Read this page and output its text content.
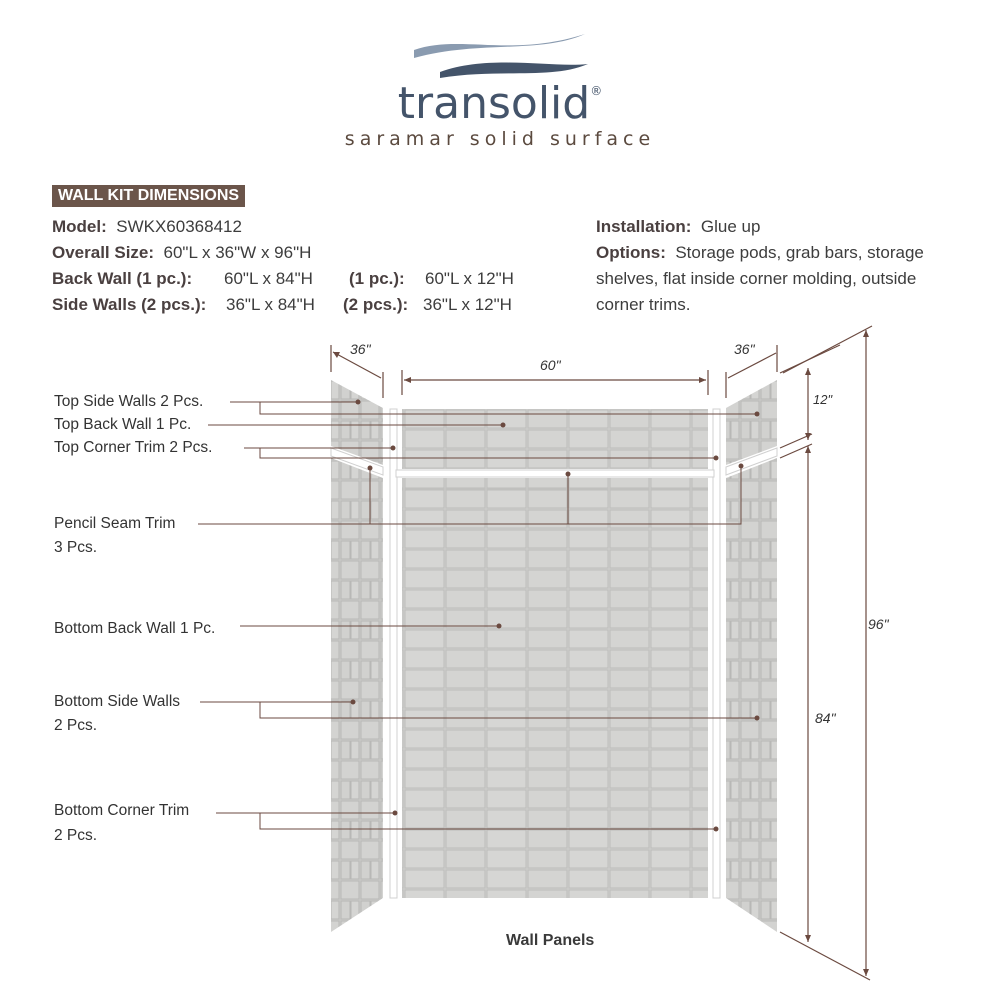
transolid®
saramar solid surface
WALL KIT DIMENSIONS
Model: SWKX60368412
Overall Size: 60"L x 36"W x 96"H
Back Wall (1 pc.): 60"L x 84"H (1 pc.): 60"L x 12"H
Side Walls (2 pcs.): 36"L x 84"H (2 pcs.): 36"L x 12"H
Installation: Glue up
Options: Storage pods, grab bars, storage
shelves, flat inside corner molding, outside
corner trims.
36"
60"
36"
12"
96"
84"
Top Side Walls 2 Pcs.
Top Back Wall 1 Pc.
Top Corner Trim 2 Pcs.
Pencil Seam Trim
3 Pcs.
Bottom Back Wall 1 Pc.
Bottom Side Walls
2 Pcs.
Bottom Corner Trim
2 Pcs.
Wall Panels
